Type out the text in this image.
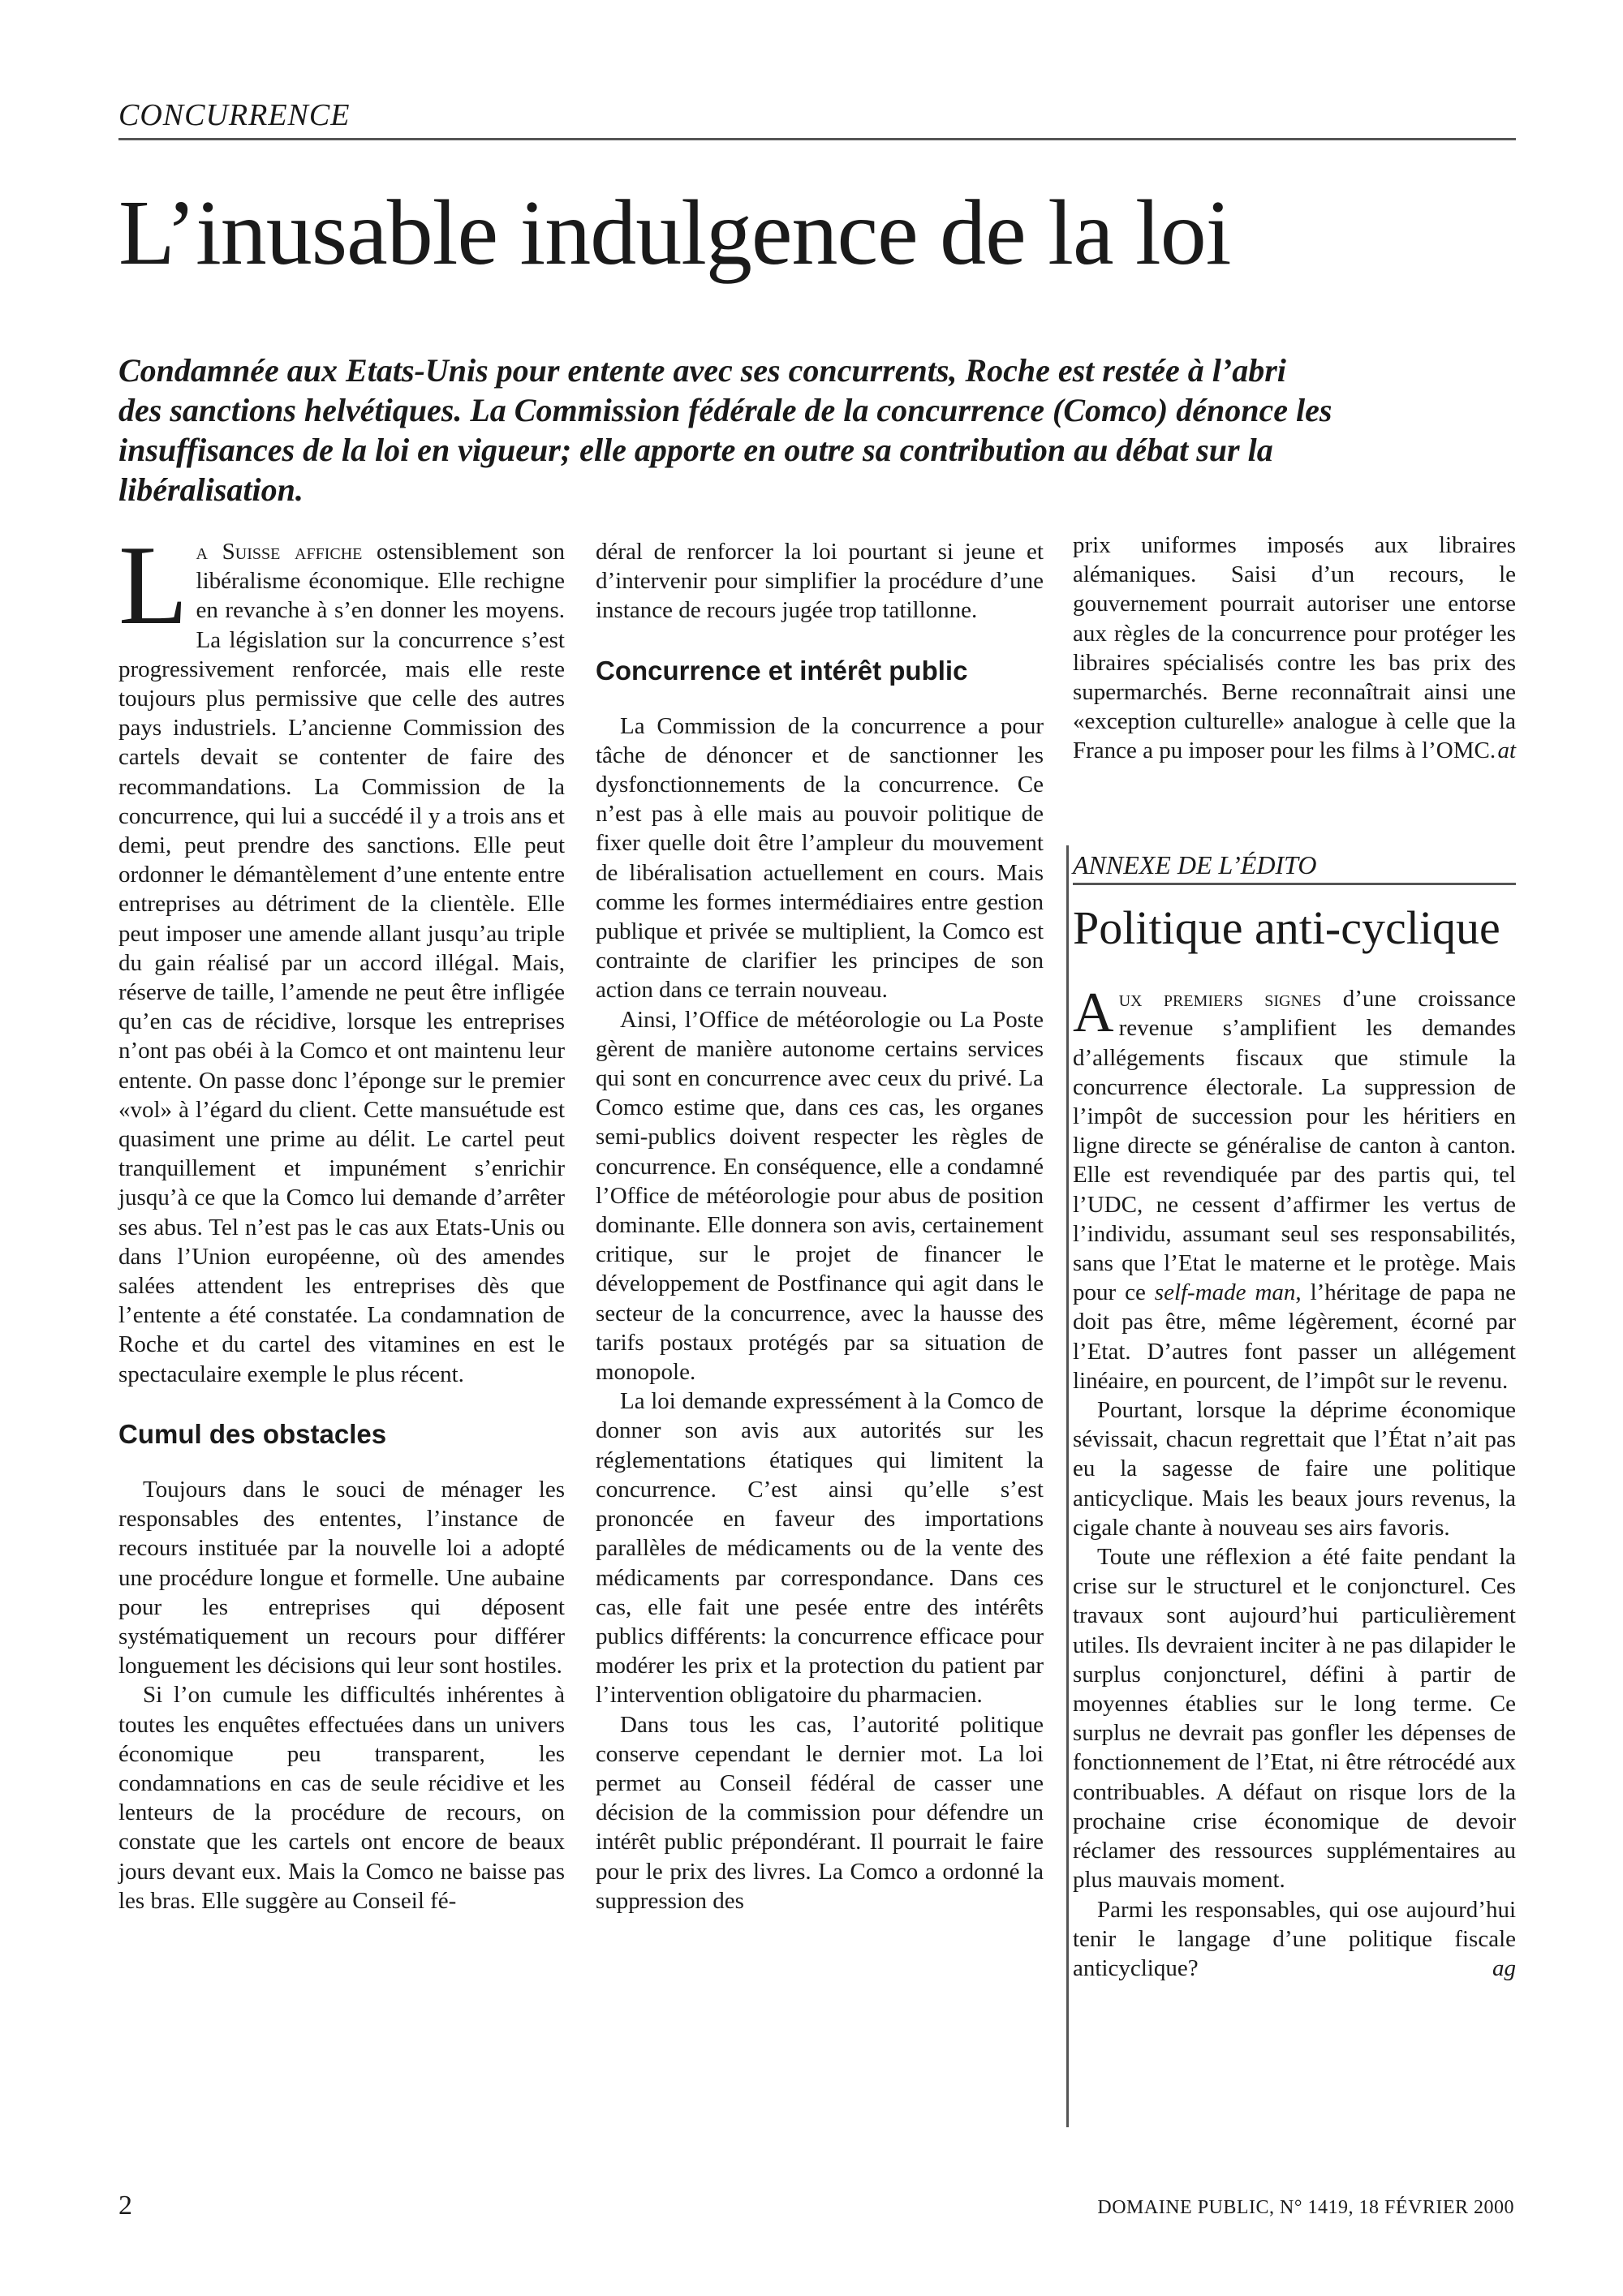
CONCURRENCE
L’inusable indulgence de la loi

Condamnée aux Etats-Unis pour entente avec ses concurrents, Roche est restée à l’abri des sanctions helvétiques. La Commission fédérale de la concurrence (Comco) dénonce les insuffisances de la loi en vigueur; elle apporte en outre sa contribution au débat sur la libéralisation.

La Suisse affiche ostensiblement son libéralisme économique. Elle rechigne en revanche à s’en donner les moyens. La législation sur la concurrence s’est progressivement renforcée, mais elle reste toujours plus permissive que celle des autres pays industriels. L’ancienne Commission des cartels devait se contenter de faire des recommandations. La Commission de la concurrence, qui lui a succédé il y a trois ans et demi, peut prendre des sanctions. Elle peut ordonner le démantèlement d’une entente entre entreprises au détriment de la clientèle. Elle peut imposer une amende allant jusqu’au triple du gain réalisé par un accord illégal. Mais, réserve de taille, l’amende ne peut être infligée qu’en cas de récidive, lorsque les entreprises n’ont pas obéi à la Comco et ont maintenu leur entente. On passe donc l’éponge sur le premier «vol» à l’égard du client. Cette mansuétude est quasiment une prime au délit. Le cartel peut tranquillement et impunément s’enrichir jusqu’à ce que la Comco lui demande d’arrêter ses abus. Tel n’est pas le cas aux Etats-Unis ou dans l’Union européenne, où des amendes salées attendent les entreprises dès que l’entente a été constatée. La condamnation de Roche et du cartel des vitamines en est le spectaculaire exemple le plus récent.

Cumul des obstacles

Toujours dans le souci de ménager les responsables des ententes, l’instance de recours instituée par la nouvelle loi a adopté une procédure longue et formelle. Une aubaine pour les entreprises qui déposent systématiquement un recours pour différer longuement les décisions qui leur sont hostiles.

Si l’on cumule les difficultés inhérentes à toutes les enquêtes effectuées dans un univers économique peu transparent, les condamnations en cas de seule récidive et les lenteurs de la procédure de recours, on constate que les cartels ont encore de beaux jours devant eux. Mais la Comco ne baisse pas les bras. Elle suggère au Conseil fé-

déral de renforcer la loi pourtant si jeune et d’intervenir pour simplifier la procédure d’une instance de recours jugée trop tatillonne.

Concurrence et intérêt public

La Commission de la concurrence a pour tâche de dénoncer et de sanctionner les dysfonctionnements de la concurrence. Ce n’est pas à elle mais au pouvoir politique de fixer quelle doit être l’ampleur du mouvement de libéralisation actuellement en cours. Mais comme les formes intermédiaires entre gestion publique et privée se multiplient, la Comco est contrainte de clarifier les principes de son action dans ce terrain nouveau.

Ainsi, l’Office de météorologie ou La Poste gèrent de manière autonome certains services qui sont en concurrence avec ceux du privé. La Comco estime que, dans ces cas, les organes semi-publics doivent respecter les règles de concurrence. En conséquence, elle a condamné l’Office de météorologie pour abus de position dominante. Elle donnera son avis, certainement critique, sur le projet de financer le développement de Postfinance qui agit dans le secteur de la concurrence, avec la hausse des tarifs postaux protégés par sa situation de monopole.

La loi demande expressément à la Comco de donner son avis aux autorités sur les réglementations étatiques qui limitent la concurrence. C’est ainsi qu’elle s’est prononcée en faveur des importations parallèles de médicaments ou de la vente des médicaments par correspondance. Dans ces cas, elle fait une pesée entre des intérêts publics différents: la concurrence efficace pour modérer les prix et la protection du patient par l’intervention obligatoire du pharmacien.

Dans tous les cas, l’autorité politique conserve cependant le dernier mot. La loi permet au Conseil fédéral de casser une décision de la commission pour défendre un intérêt public prépondérant. Il pourrait le faire pour le prix des livres. La Comco a ordonné la suppression des

prix uniformes imposés aux libraires alémaniques. Saisi d’un recours, le gouvernement pourrait autoriser une entorse aux règles de la concurrence pour protéger les libraires spécialisés contre les bas prix des supermarchés. Berne reconnaîtrait ainsi une «exception culturelle» analogue à celle que la France a pu imposer pour les films à l’OMC. at

ANNEXE DE L’ÉDITO
Politique anti-cyclique

Aux premiers signes d’une croissance revenue s’amplifient les demandes d’allégements fiscaux que stimule la concurrence électorale. La suppression de l’impôt de succession pour les héritiers en ligne directe se généralise de canton à canton. Elle est revendiquée par des partis qui, tel l’UDC, ne cessent d’affirmer les vertus de l’individu, assumant seul ses responsabilités, sans que l’Etat le materne et le protège. Mais pour ce self-made man, l’héritage de papa ne doit pas être, même légèrement, écorné par l’Etat. D’autres font passer un allégement linéaire, en pourcent, de l’impôt sur le revenu.

Pourtant, lorsque la déprime économique sévissait, chacun regrettait que l’État n’ait pas eu la sagesse de faire une politique anticyclique. Mais les beaux jours revenus, la cigale chante à nouveau ses airs favoris.

Toute une réflexion a été faite pendant la crise sur le structurel et le conjoncturel. Ces travaux sont aujourd’hui particulièrement utiles. Ils devraient inciter à ne pas dilapider le surplus conjoncturel, défini à partir de moyennes établies sur le long terme. Ce surplus ne devrait pas gonfler les dépenses de fonctionnement de l’Etat, ni être rétrocédé aux contribuables. A défaut on risque lors de la prochaine crise économique de devoir réclamer des ressources supplémentaires au plus mauvais moment.

Parmi les responsables, qui ose aujourd’hui tenir le langage d’une politique fiscale anticyclique?	ag

2	DOMAINE PUBLIC, N° 1419, 18 FÉVRIER 2000
